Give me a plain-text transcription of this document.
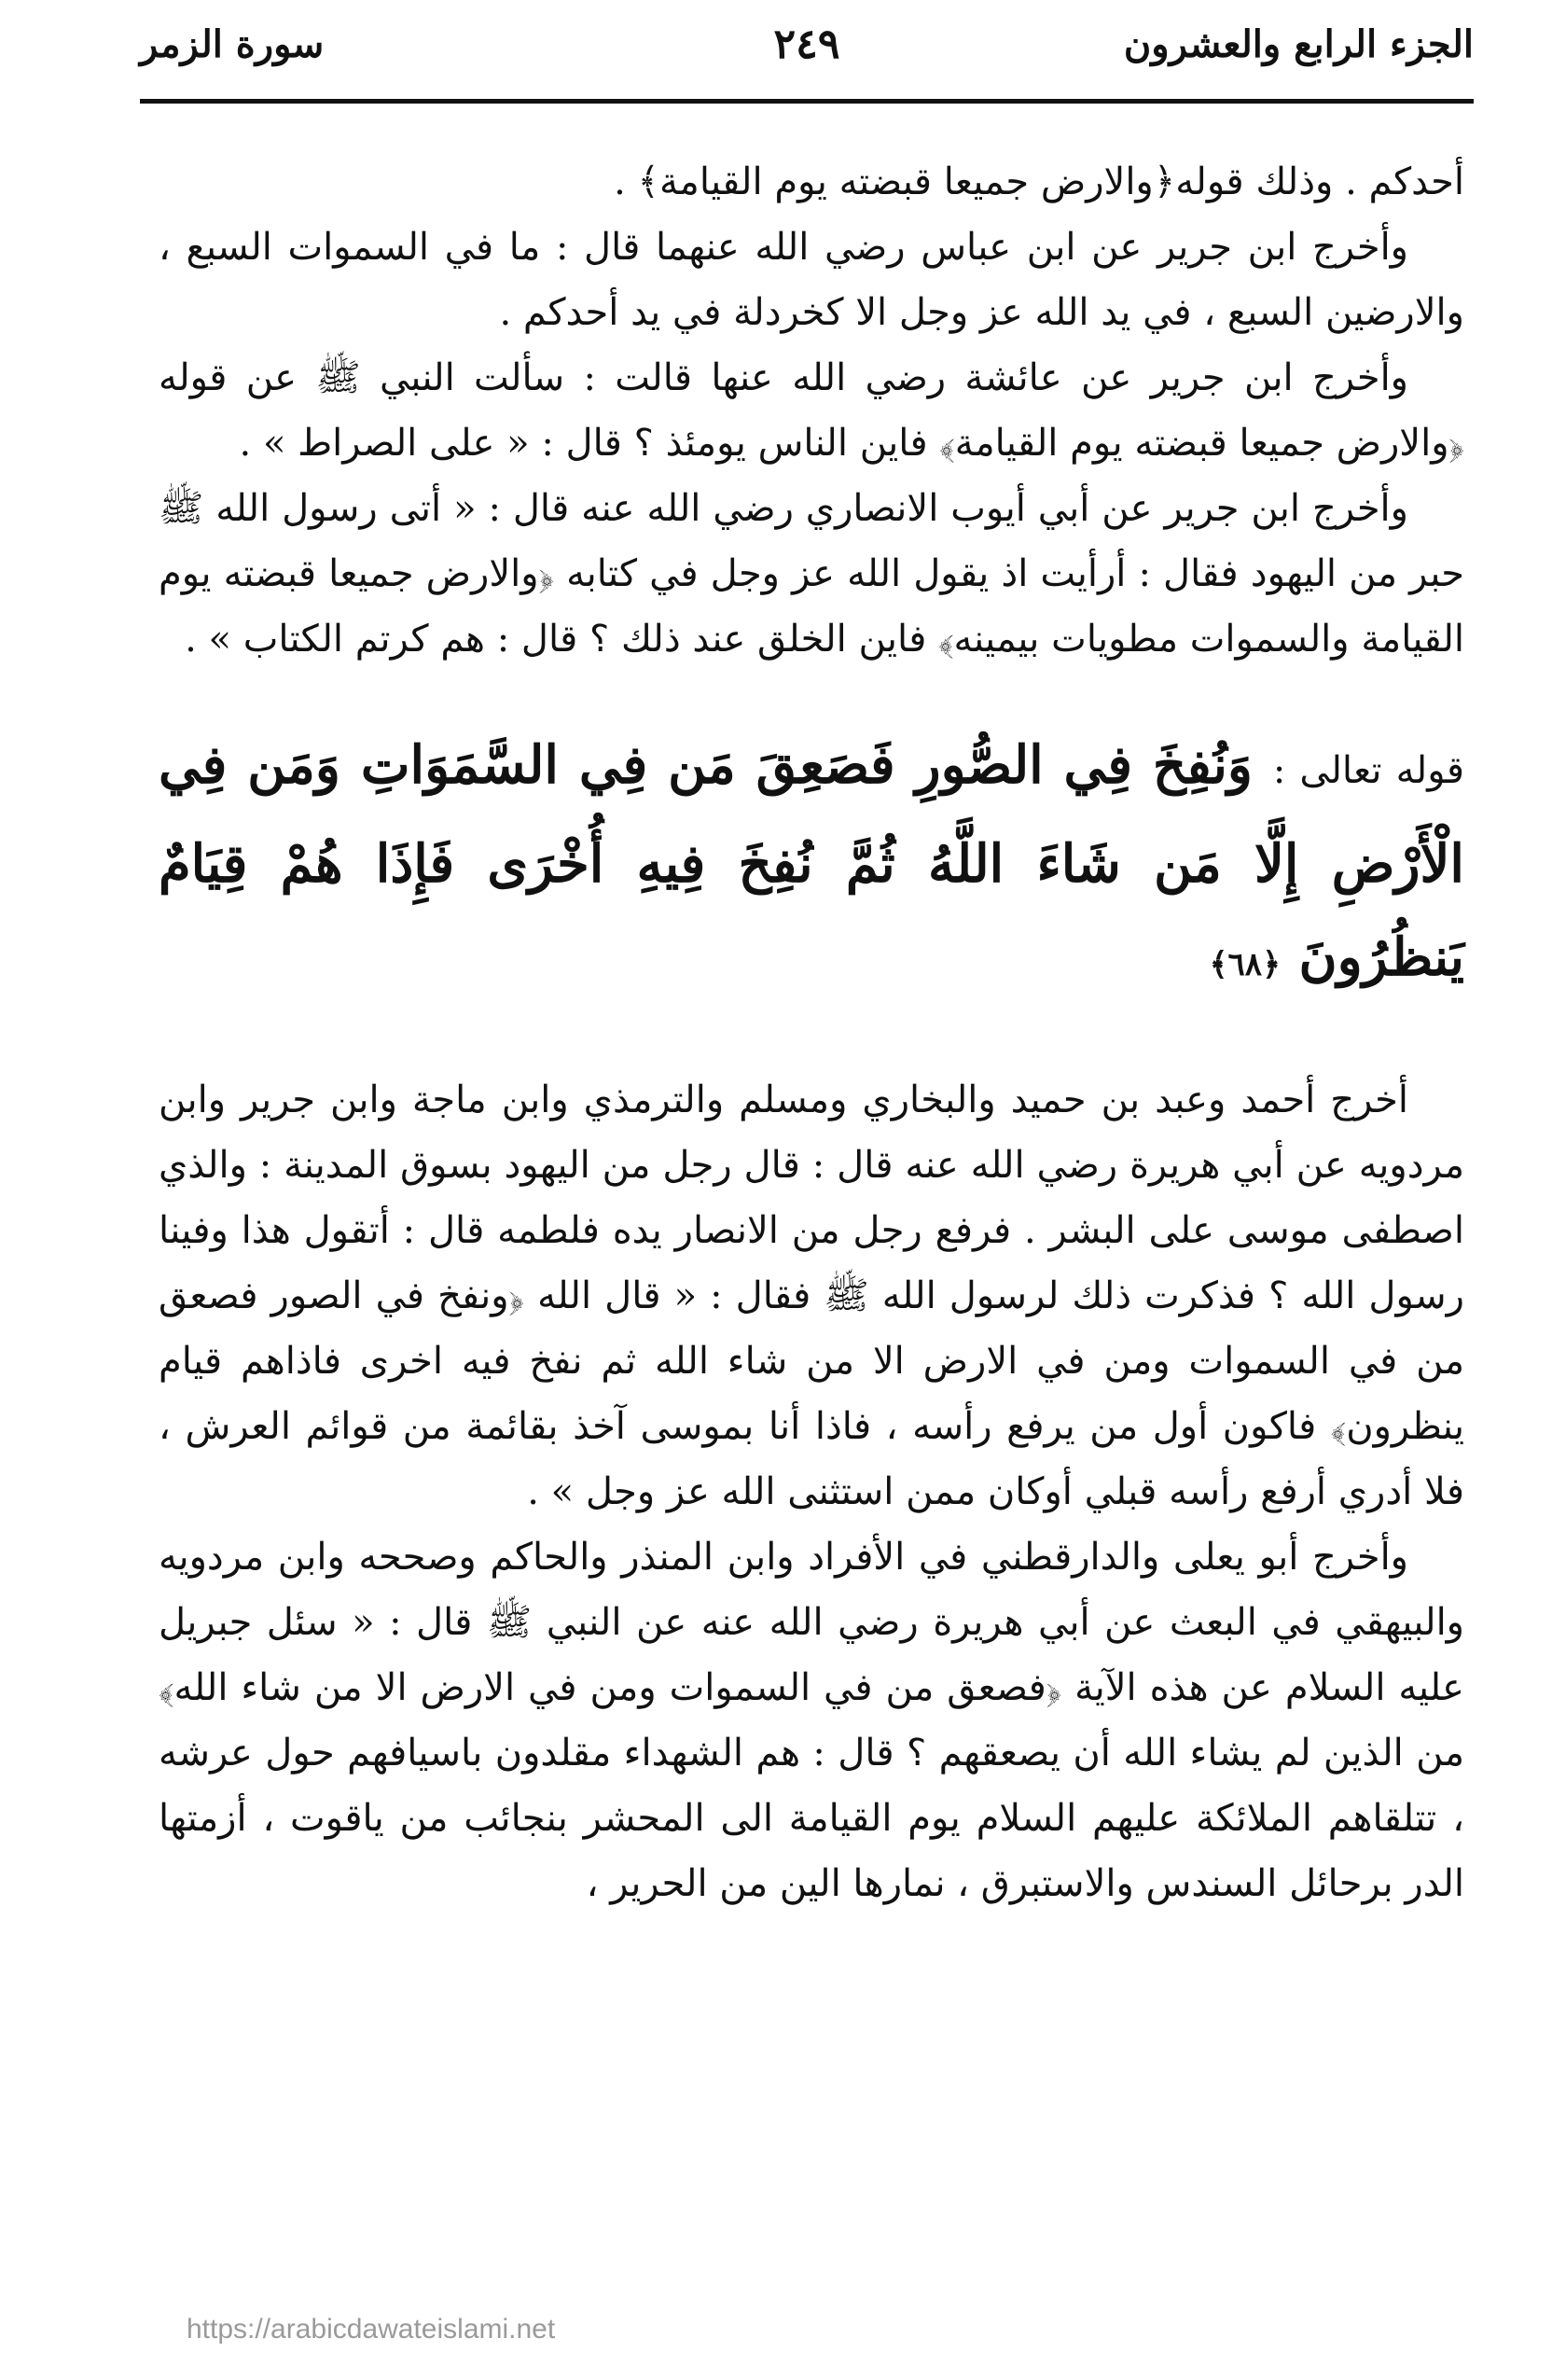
الجزء الرابع والعشرون
٢٤٩
سورة الزمر

أحدكم . وذلك قوله﴿والارض جميعا قبضته يوم القيامة﴾ .

وأخرج ابن جرير عن ابن عباس رضي الله عنهما قال : ما في السموات السبع ، والارضين السبع ، في يد الله عز وجل الا كخردلة في يد أحدكم .

وأخرج ابن جرير عن عائشة رضي الله عنها قالت : سألت النبي ﷺ عن قوله ﴿والارض جميعا قبضته يوم القيامة﴾ فاين الناس يومئذ ؟ قال : « على الصراط » .

وأخرج ابن جرير عن أبي أيوب الانصاري رضي الله عنه قال : « أتى رسول الله ﷺ حبر من اليهود فقال : أرأيت اذ يقول الله عز وجل في كتابه ﴿والارض جميعا قبضته يوم القيامة والسموات مطويات بيمينه﴾ فاين الخلق عند ذلك ؟ قال : هم كرتم الكتاب » .

قوله تعالى : وَنُفِخَ فِي الصُّورِ فَصَعِقَ مَن فِي السَّمَوَاتِ وَمَن فِي الْأَرْضِ إِلَّا مَن شَاءَ اللَّهُ ثُمَّ نُفِخَ فِيهِ أُخْرَى فَإِذَا هُمْ قِيَامٌ يَنظُرُونَ ﴿٦٨﴾

أخرج أحمد وعبد بن حميد والبخاري ومسلم والترمذي وابن ماجة وابن جرير وابن مردويه عن أبي هريرة رضي الله عنه قال : قال رجل من اليهود بسوق المدينة : والذي اصطفى موسى على البشر . فرفع رجل من الانصار يده فلطمه قال : أتقول هذا وفينا رسول الله ؟ فذكرت ذلك لرسول الله ﷺ فقال : « قال الله ﴿ونفخ في الصور فصعق من في السموات ومن في الارض الا من شاء الله ثم نفخ فيه اخرى فاذاهم قيام ينظرون﴾ فاكون أول من يرفع رأسه ، فاذا أنا بموسى آخذ بقائمة من قوائم العرش ، فلا أدري أرفع رأسه قبلي أوكان ممن استثنى الله عز وجل » .

وأخرج أبو يعلى والدارقطني في الأفراد وابن المنذر والحاكم وصححه وابن مردويه والبيهقي في البعث عن أبي هريرة رضي الله عنه عن النبي ﷺ قال : « سئل جبريل عليه السلام عن هذه الآية ﴿فصعق من في السموات ومن في الارض الا من شاء الله﴾ من الذين لم يشاء الله أن يصعقهم ؟ قال : هم الشهداء مقلدون باسيافهم حول عرشه ، تتلقاهم الملائكة عليهم السلام يوم القيامة الى المحشر بنجائب من ياقوت ، أزمتها الدر برحائل السندس والاستبرق ، نمارها الين من الحرير ،

https://arabicdawateislami.net
